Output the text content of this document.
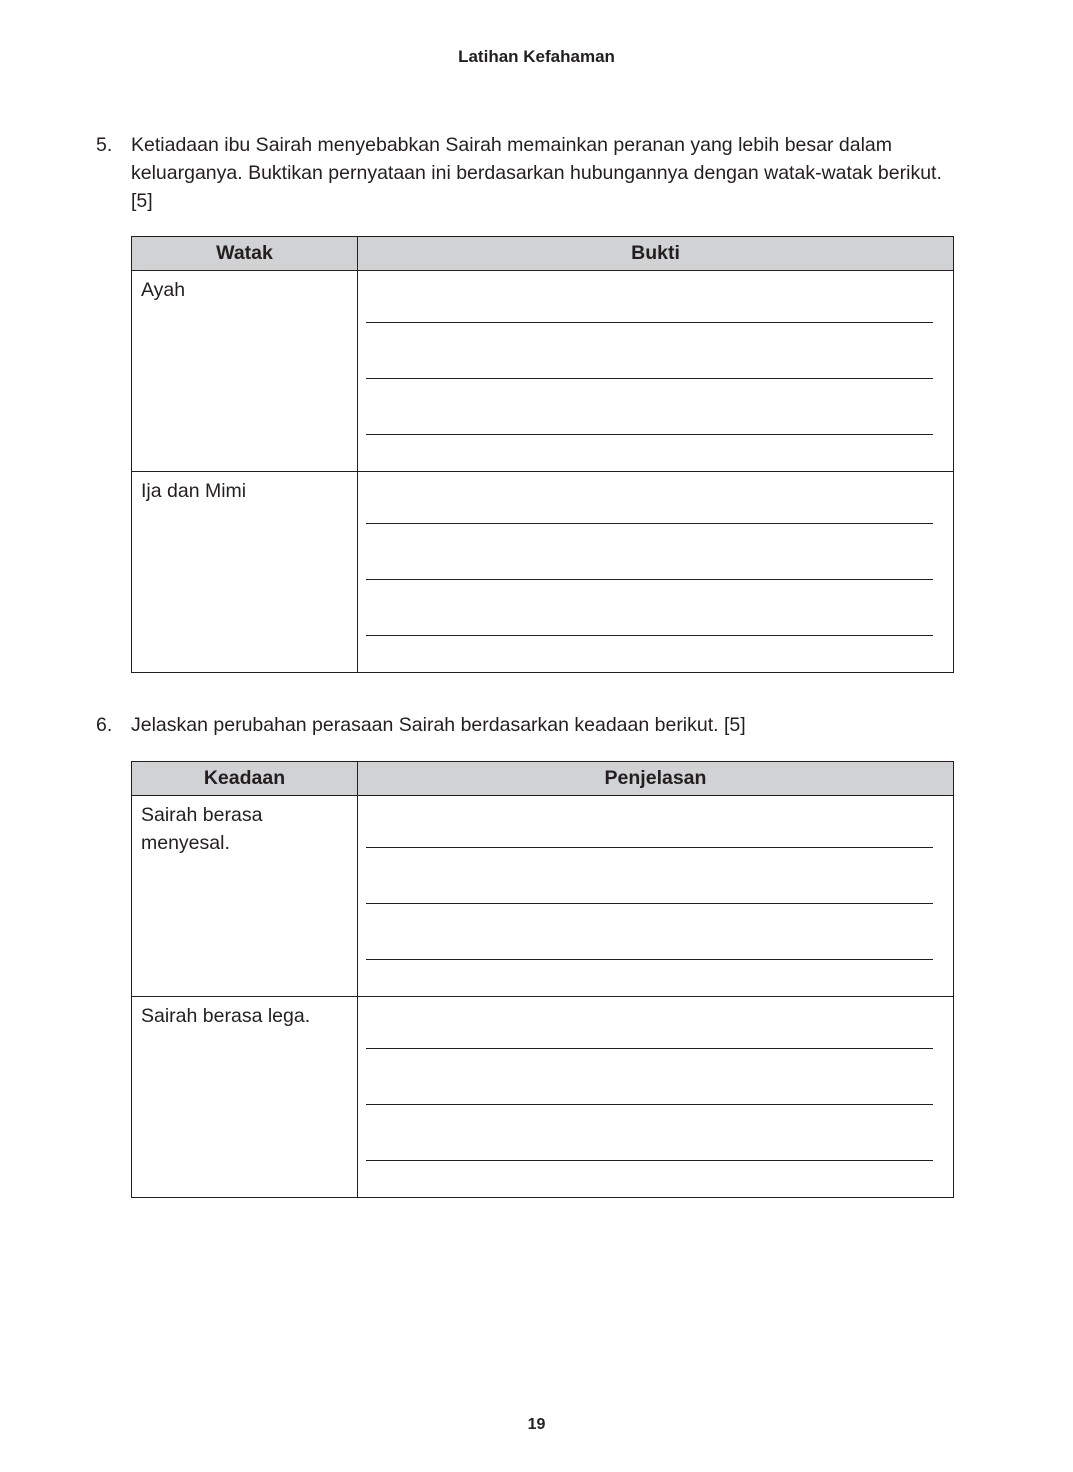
Latihan Kefahaman
5. Ketiadaan ibu Sairah menyebabkan Sairah memainkan peranan yang lebih besar dalam keluarganya. Buktikan pernyataan ini berdasarkan hubungannya dengan watak-watak berikut. [5]
Watak	Bukti

Ayah	

Ija dan Mimi	

6. Jelaskan perubahan perasaan Sairah berdasarkan keadaan berikut. [5]
Keadaan	Penjelasan

Sairah berasa menyesal.	

Sairah berasa lega.	

19
